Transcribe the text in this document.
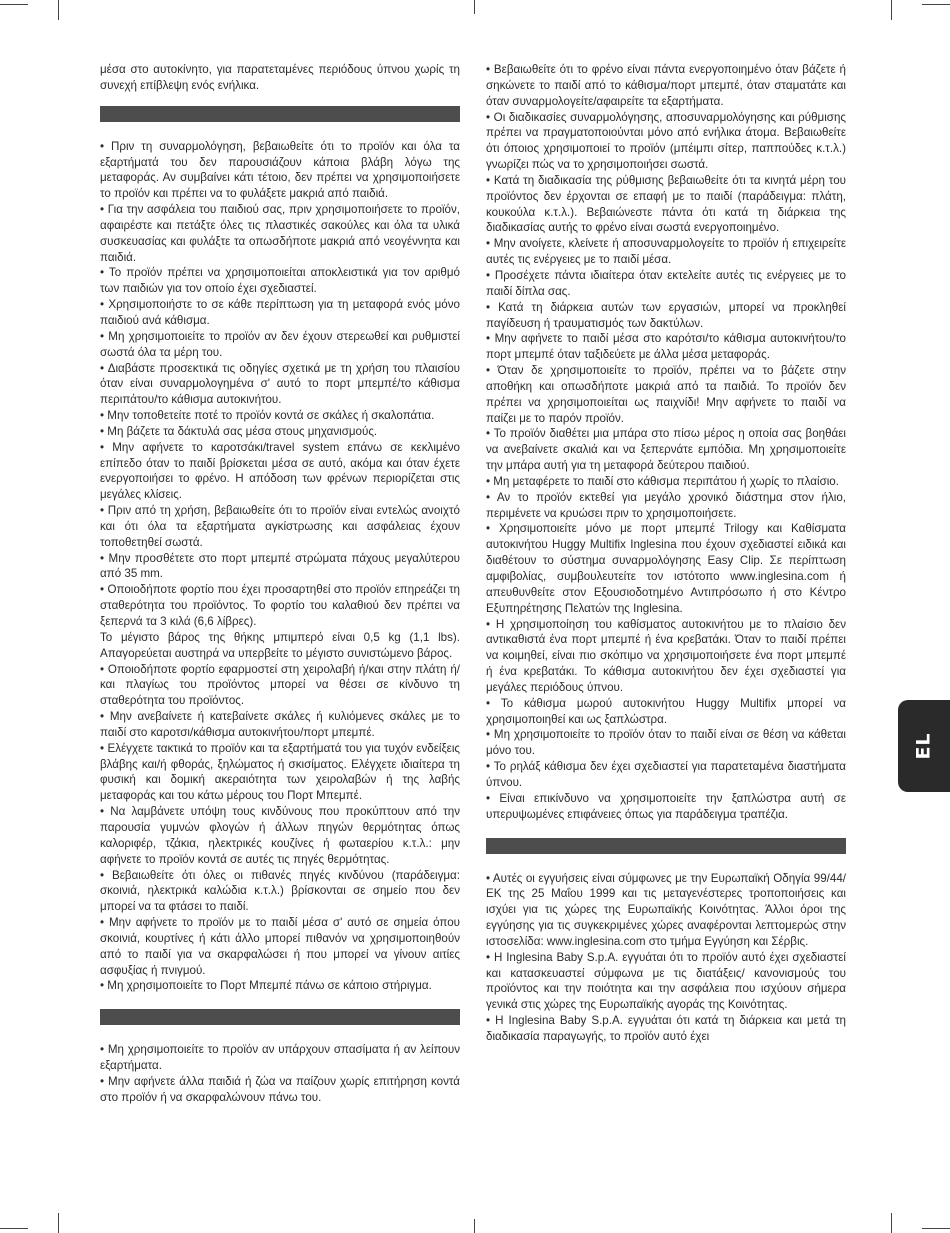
μέσα στο αυτοκίνητο, για παρατεταμένες περιόδους ύπνου χωρίς τη συνεχή επίβλεψη ενός ενήλικα.

• Πριν τη συναρμολόγηση, βεβαιωθείτε ότι το προϊόν και όλα τα εξαρτήματά του δεν παρουσιάζουν κάποια βλάβη λόγω της μεταφοράς. Αν συμβαίνει κάτι τέτοιο, δεν πρέπει να χρησιμοποιήσετε το προϊόν και πρέπει να το φυλάξετε μακριά από παιδιά.

• Για την ασφάλεια του παιδιού σας, πριν χρησιμοποιήσετε το προϊόν, αφαιρέστε και πετάξτε όλες τις πλαστικές σακούλες και όλα τα υλικά συσκευασίας και φυλάξτε τα οπωσδήποτε μακριά από νεογέννητα και παιδιά.

• Το προϊόν πρέπει να χρησιμοποιείται αποκλειστικά για τον αριθμό των παιδιών για τον οποίο έχει σχεδιαστεί.

• Χρησιμοποιήστε το σε κάθε περίπτωση για τη μεταφορά ενός μόνο παιδιού ανά κάθισμα.

• Μη χρησιμοποιείτε το προϊόν αν δεν έχουν στερεωθεί και ρυθμιστεί σωστά όλα τα μέρη του.

• Διαβάστε προσεκτικά τις οδηγίες σχετικά με τη χρήση του πλαισίου όταν είναι συναρμολογημένα σ' αυτό το πορτ μπεμπέ/το κάθισμα περιπάτου/το κάθισμα αυτοκινήτου.

• Μην τοποθετείτε ποτέ το προϊόν κοντά σε σκάλες ή σκαλοπάτια.

• Μη βάζετε τα δάκτυλά σας μέσα στους μηχανισμούς.

• Μην αφήνετε το καροτσάκι/travel system επάνω σε κεκλιμένο επίπεδο όταν το παιδί βρίσκεται μέσα σε αυτό, ακόμα και όταν έχετε ενεργοποιήσει το φρένο. Η απόδοση των φρένων περιορίζεται στις μεγάλες κλίσεις.

• Πριν από τη χρήση, βεβαιωθείτε ότι το προϊόν είναι εντελώς ανοιχτό και ότι όλα τα εξαρτήματα αγκίστρωσης και ασφάλειας έχουν τοποθετηθεί σωστά.

• Μην προσθέτετε στο πορτ μπεμπέ στρώματα πάχους μεγαλύτερου από 35 mm.

• Οποιοδήποτε φορτίο που έχει προσαρτηθεί στο προϊόν επηρεάζει τη σταθερότητα του προϊόντος. Το φορτίο του καλαθιού δεν πρέπει να ξεπερνά τα 3 κιλά (6,6 λίβρες).

Το μέγιστο βάρος της θήκης μπιμπερό είναι 0,5 kg (1,1 lbs). Απαγορεύεται αυστηρά να υπερβείτε το μέγιστο συνιστώμενο βάρος.

• Οποιοδήποτε φορτίο εφαρμοστεί στη χειρολαβή ή/και στην πλάτη ή/και πλαγίως του προϊόντος μπορεί να θέσει σε κίνδυνο τη σταθερότητα του προϊόντος.

• Μην ανεβαίνετε ή κατεβαίνετε σκάλες ή κυλιόμενες σκάλες με το παιδί στο καροτσι/κάθισμα αυτοκινήτου/πορτ μπεμπέ.

• Ελέγχετε τακτικά το προϊόν και τα εξαρτήματά του για τυχόν ενδείξεις βλάβης και/ή φθοράς, ξηλώματος ή σκισίματος. Ελέγχετε ιδιαίτερα τη φυσική και δομική ακεραιότητα των χειρολαβών ή της λαβής μεταφοράς και του κάτω μέρους του Πορτ Μπεμπέ.

• Να λαμβάνετε υπόψη τους κινδύνους που προκύπτουν από την παρουσία γυμνών φλογών ή άλλων πηγών θερμότητας όπως καλοριφέρ, τζάκια, ηλεκτρικές κουζίνες ή φωταερίου κ.τ.λ.: μην αφήνετε το προϊόν κοντά σε αυτές τις πηγές θερμότητας.

• Βεβαιωθείτε ότι όλες οι πιθανές πηγές κινδύνου (παράδειγμα: σκοινιά, ηλεκτρικά καλώδια κ.τ.λ.) βρίσκονται σε σημείο που δεν μπορεί να τα φτάσει το παιδί.

• Μην αφήνετε το προϊόν με το παιδί μέσα σ' αυτό σε σημεία όπου σκοινιά, κουρτίνες ή κάτι άλλο μπορεί πιθανόν να χρησιμοποιηθούν από το παιδί για να σκαρφαλώσει ή που μπορεί να γίνουν αιτίες ασφυξίας ή πνιγμού.

• Μη χρησιμοποιείτε το Πορτ Μπεμπέ πάνω σε κάποιο στήριγμα.

• Μη χρησιμοποιείτε το προϊόν αν υπάρχουν σπασίματα ή αν λείπουν εξαρτήματα.

• Μην αφήνετε άλλα παιδιά ή ζώα να παίζουν χωρίς επιτήρηση κοντά στο προϊόν ή να σκαρφαλώνουν πάνω του.

• Βεβαιωθείτε ότι το φρένο είναι πάντα ενεργοποιημένο όταν βάζετε ή σηκώνετε το παιδί από το κάθισμα/πορτ μπεμπέ, όταν σταματάτε και όταν συναρμολογείτε/αφαιρείτε τα εξαρτήματα.

• Οι διαδικασίες συναρμολόγησης, αποσυναρμολόγησης και ρύθμισης πρέπει να πραγματοποιούνται μόνο από ενήλικα άτομα. Βεβαιωθείτε ότι όποιος χρησιμοποιεί το προϊόν (μπέιμπι σίτερ, παππούδες κ.τ.λ.) γνωρίζει πώς να το χρησιμοποιήσει σωστά.

• Κατά τη διαδικασία της ρύθμισης βεβαιωθείτε ότι τα κινητά μέρη του προϊόντος δεν έρχονται σε επαφή με το παιδί (παράδειγμα: πλάτη, κουκούλα κ.τ.λ.). Βεβαιώνεστε πάντα ότι κατά τη διάρκεια της διαδικασίας αυτής το φρένο είναι σωστά ενεργοποιημένο.

• Μην ανοίγετε, κλείνετε ή αποσυναρμολογείτε το προϊόν ή επιχειρείτε αυτές τις ενέργειες με το παιδί μέσα.

• Προσέχετε πάντα ιδιαίτερα όταν εκτελείτε αυτές τις ενέργειες με το παιδί δίπλα σας.

• Κατά τη διάρκεια αυτών των εργασιών, μπορεί να προκληθεί παγίδευση ή τραυματισμός των δακτύλων.

• Μην αφήνετε το παιδί μέσα στο καρότσι/το κάθισμα αυτοκινήτου/το πορτ μπεμπέ όταν ταξιδεύετε με άλλα μέσα μεταφοράς.

• Όταν δε χρησιμοποιείτε το προϊόν, πρέπει να το βάζετε στην αποθήκη και οπωσδήποτε μακριά από τα παιδιά. Το προϊόν δεν πρέπει να χρησιμοποιείται ως παιχνίδι! Μην αφήνετε το παιδί να παίζει με το παρόν προϊόν.

• Το προϊόν διαθέτει μια μπάρα στο πίσω μέρος η οποία σας βοηθάει να ανεβαίνετε σκαλιά και να ξεπερνάτε εμπόδια. Μη χρησιμοποιείτε την μπάρα αυτή για τη μεταφορά δεύτερου παιδιού.

• Μη μεταφέρετε το παιδί στο κάθισμα περιπάτου ή χωρίς το πλαίσιο.

• Αν το προϊόν εκτεθεί για μεγάλο χρονικό διάστημα στον ήλιο, περιμένετε να κρυώσει πριν το χρησιμοποιήσετε.

• Χρησιμοποιείτε μόνο με πορτ μπεμπέ Trilogy και Καθίσματα αυτοκινήτου Huggy Multifix Inglesina που έχουν σχεδιαστεί ειδικά και διαθέτουν το σύστημα συναρμολόγησης Easy Clip. Σε περίπτωση αμφιβολίας, συμβουλευτείτε τον ιστότοπο www.inglesina.com ή απευθυνθείτε στον Εξουσιοδοτημένο Αντιπρόσωπο ή στο Κέντρο Εξυπηρέτησης Πελατών της Inglesina.

• Η χρησιμοποίηση του καθίσματος αυτοκινήτου με το πλαίσιο δεν αντικαθιστά ένα πορτ μπεμπέ ή ένα κρεβατάκι. Όταν το παιδί πρέπει να κοιμηθεί, είναι πιο σκόπιμο να χρησιμοποιήσετε ένα πορτ μπεμπέ ή ένα κρεβατάκι. Το κάθισμα αυτοκινήτου δεν έχει σχεδιαστεί για μεγάλες περιόδους ύπνου.

• Το κάθισμα μωρού αυτοκινήτου Huggy Multifix μπορεί να χρησιμοποιηθεί και ως ξαπλώστρα.

• Μη χρησιμοποιείτε το προϊόν όταν το παιδί είναι σε θέση να κάθεται μόνο του.

• Το ρηλάξ κάθισμα δεν έχει σχεδιαστεί για παρατεταμένα διαστήματα ύπνου.

• Είναι επικίνδυνο να χρησιμοποιείτε την ξαπλώστρα αυτή σε υπερυψωμένες επιφάνειες όπως για παράδειγμα τραπέζια.

• Αυτές οι εγγυήσεις είναι σύμφωνες με την Ευρωπαϊκή Οδηγία 99/44/ΕΚ της 25 Μαΐου 1999 και τις μεταγενέστερες τροποποιήσεις και ισχύει για τις χώρες της Ευρωπαϊκής Κοινότητας. Άλλοι όροι της εγγύησης για τις συγκεκριμένες χώρες αναφέρονται λεπτομερώς στην ιστοσελίδα: www.inglesina.com στο τμήμα Εγγύηση και Σέρβις.

• Η Inglesina Baby S.p.A. εγγυάται ότι το προϊόν αυτό έχει σχεδιαστεί και κατασκευαστεί σύμφωνα με τις διατάξεις/ κανονισμούς του προϊόντος και την ποιότητα και την ασφάλεια που ισχύουν σήμερα γενικά στις χώρες της Ευρωπαϊκής αγοράς της Κοινότητας.

• Η Inglesina Baby S.p.A. εγγυάται ότι κατά τη διάρκεια και μετά τη διαδικασία παραγωγής, το προϊόν αυτό έχει

EL
